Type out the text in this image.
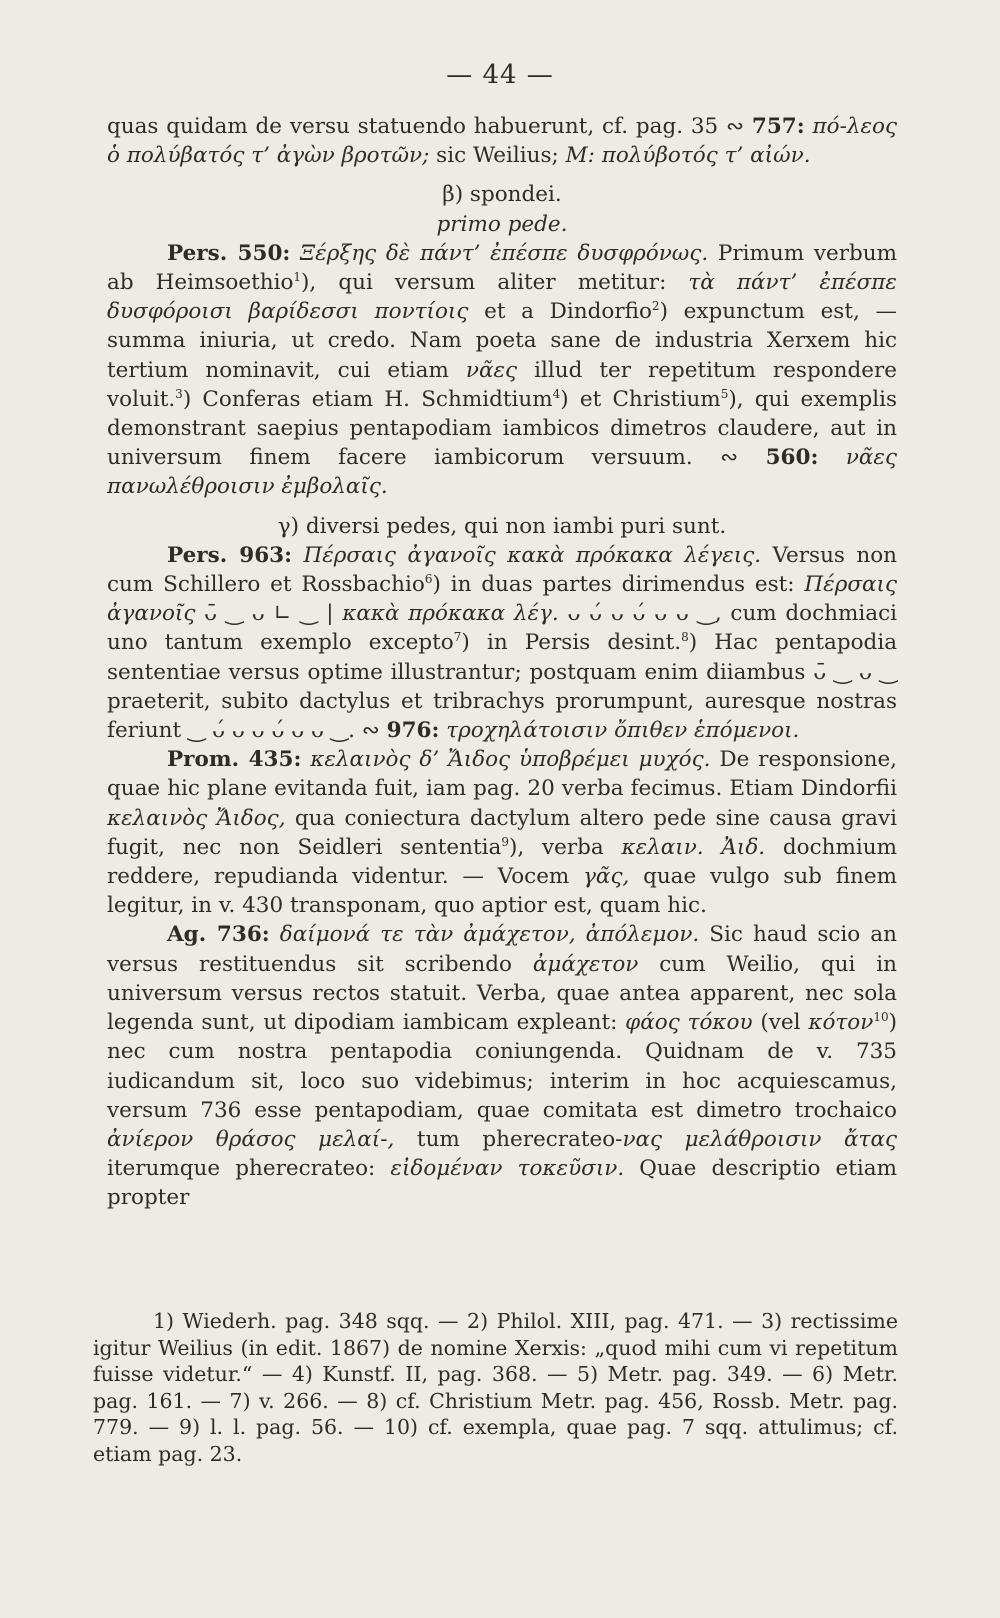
— 44 —

quas quidam de versu statuendo habuerunt, cf. pag. 35 ∾ 757: πό-λεος ὁ πολύβατός τ’ ἀγὼν βροτῶν; sic Weilius; M: πολύβοτός τ’ αἰών.

β) spondei.

primo pede.

Pers. 550: Ξέρξης δὲ πάντ’ ἐπέσπε δυσφρόνως. Primum verbum ab Heimsoethio$^1$), qui versum aliter metitur: τὰ πάντ’ ἐπέσπε δυσφόροισι βαρίδεσσι ποντίοις et a Dindorfio$^2$) expunctum est, — summa iniuria, ut credo. Nam poeta sane de industria Xerxem hic tertium nominavit, cui etiam νᾶες illud ter repetitum respondere voluit.$^3$) Conferas etiam H. Schmidtium$^4$) et Christium$^5$), qui exemplis demonstrant saepius pentapodiam iambicos dimetros claudere, aut in universum finem facere iambicorum versuum. ∾ 560: νᾶες πανωλέθροισιν ἐμβολαῖς.

γ) diversi pedes, qui non iambi puri sunt.

Pers. 963: Πέρσαις ἀγανοῖς κακὰ πρόκακα λέγεις. Versus non cum Schillero et Rossbachio$^6$) in duas partes dirimendus est: Πέρσαις ἀγανοῖς ᴗ̄ ‿ ᴗ ∟ ‿ | κακὰ πρόκακα λέγ. ᴗ ᴗ́ ᴗ ᴗ́ ᴗ ᴗ ‿, cum dochmiaci uno tantum exemplo excepto$^7$) in Persis desint.$^8$) Hac pentapodia sententiae versus optime illustrantur; postquam enim diiambus ᴗ̄ ‿ ᴗ ‿ praeterit, subito dactylus et tribrachys prorumpunt, auresque nostras feriunt ‿ ᴗ́ ᴗ ᴗ ᴗ́ ᴗ ᴗ ‿. ∾ 976: τροχηλάτοισιν ὄπιθεν ἑπόμενοι.

Prom. 435: κελαινὸς δ’ Ἄιδος ὑποβρέμει μυχός. De responsione, quae hic plane evitanda fuit, iam pag. 20 verba fecimus. Etiam Dindorfii κελαινὸς Ἄιδος, qua coniectura dactylum altero pede sine causa gravi fugit, nec non Seidleri sententia$^9$), verba κελαιν. Ἀιδ. dochmium reddere, repudianda videntur. — Vocem γᾶς, quae vulgo sub finem legitur, in v. 430 transponam, quo aptior est, quam hic.

Ag. 736: δαίμονά τε τὰν ἀμάχετον, ἀπόλεμον. Sic haud scio an versus restituendus sit scribendo ἀμάχετον cum Weilio, qui in universum versus rectos statuit. Verba, quae antea apparent, nec sola legenda sunt, ut dipodiam iambicam expleant: φάος τόκου (vel κότον$^{10}$) nec cum nostra pentapodia coniungenda. Quidnam de v. 735 iudicandum sit, loco suo videbimus; interim in hoc acquiescamus, versum 736 esse pentapodiam, quae comitata est dimetro trochaico ἀνίερον θράσος μελαί-, tum pherecrateo-νας μελάθροισιν ἄτας iterumque pherecrateo: εἰδομέναν τοκεῦσιν. Quae descriptio etiam propter

1) Wiederh. pag. 348 sqq. — 2) Philol. XIII, pag. 471. — 3) rectissime igitur Weilius (in edit. 1867) de nomine Xerxis: „quod mihi cum vi repetitum fuisse videtur.“ — 4) Kunstf. II, pag. 368. — 5) Metr. pag. 349. — 6) Metr. pag. 161. — 7) v. 266. — 8) cf. Christium Metr. pag. 456, Rossb. Metr. pag. 779. — 9) l. l. pag. 56. — 10) cf. exempla, quae pag. 7 sqq. attulimus; cf. etiam pag. 23.
